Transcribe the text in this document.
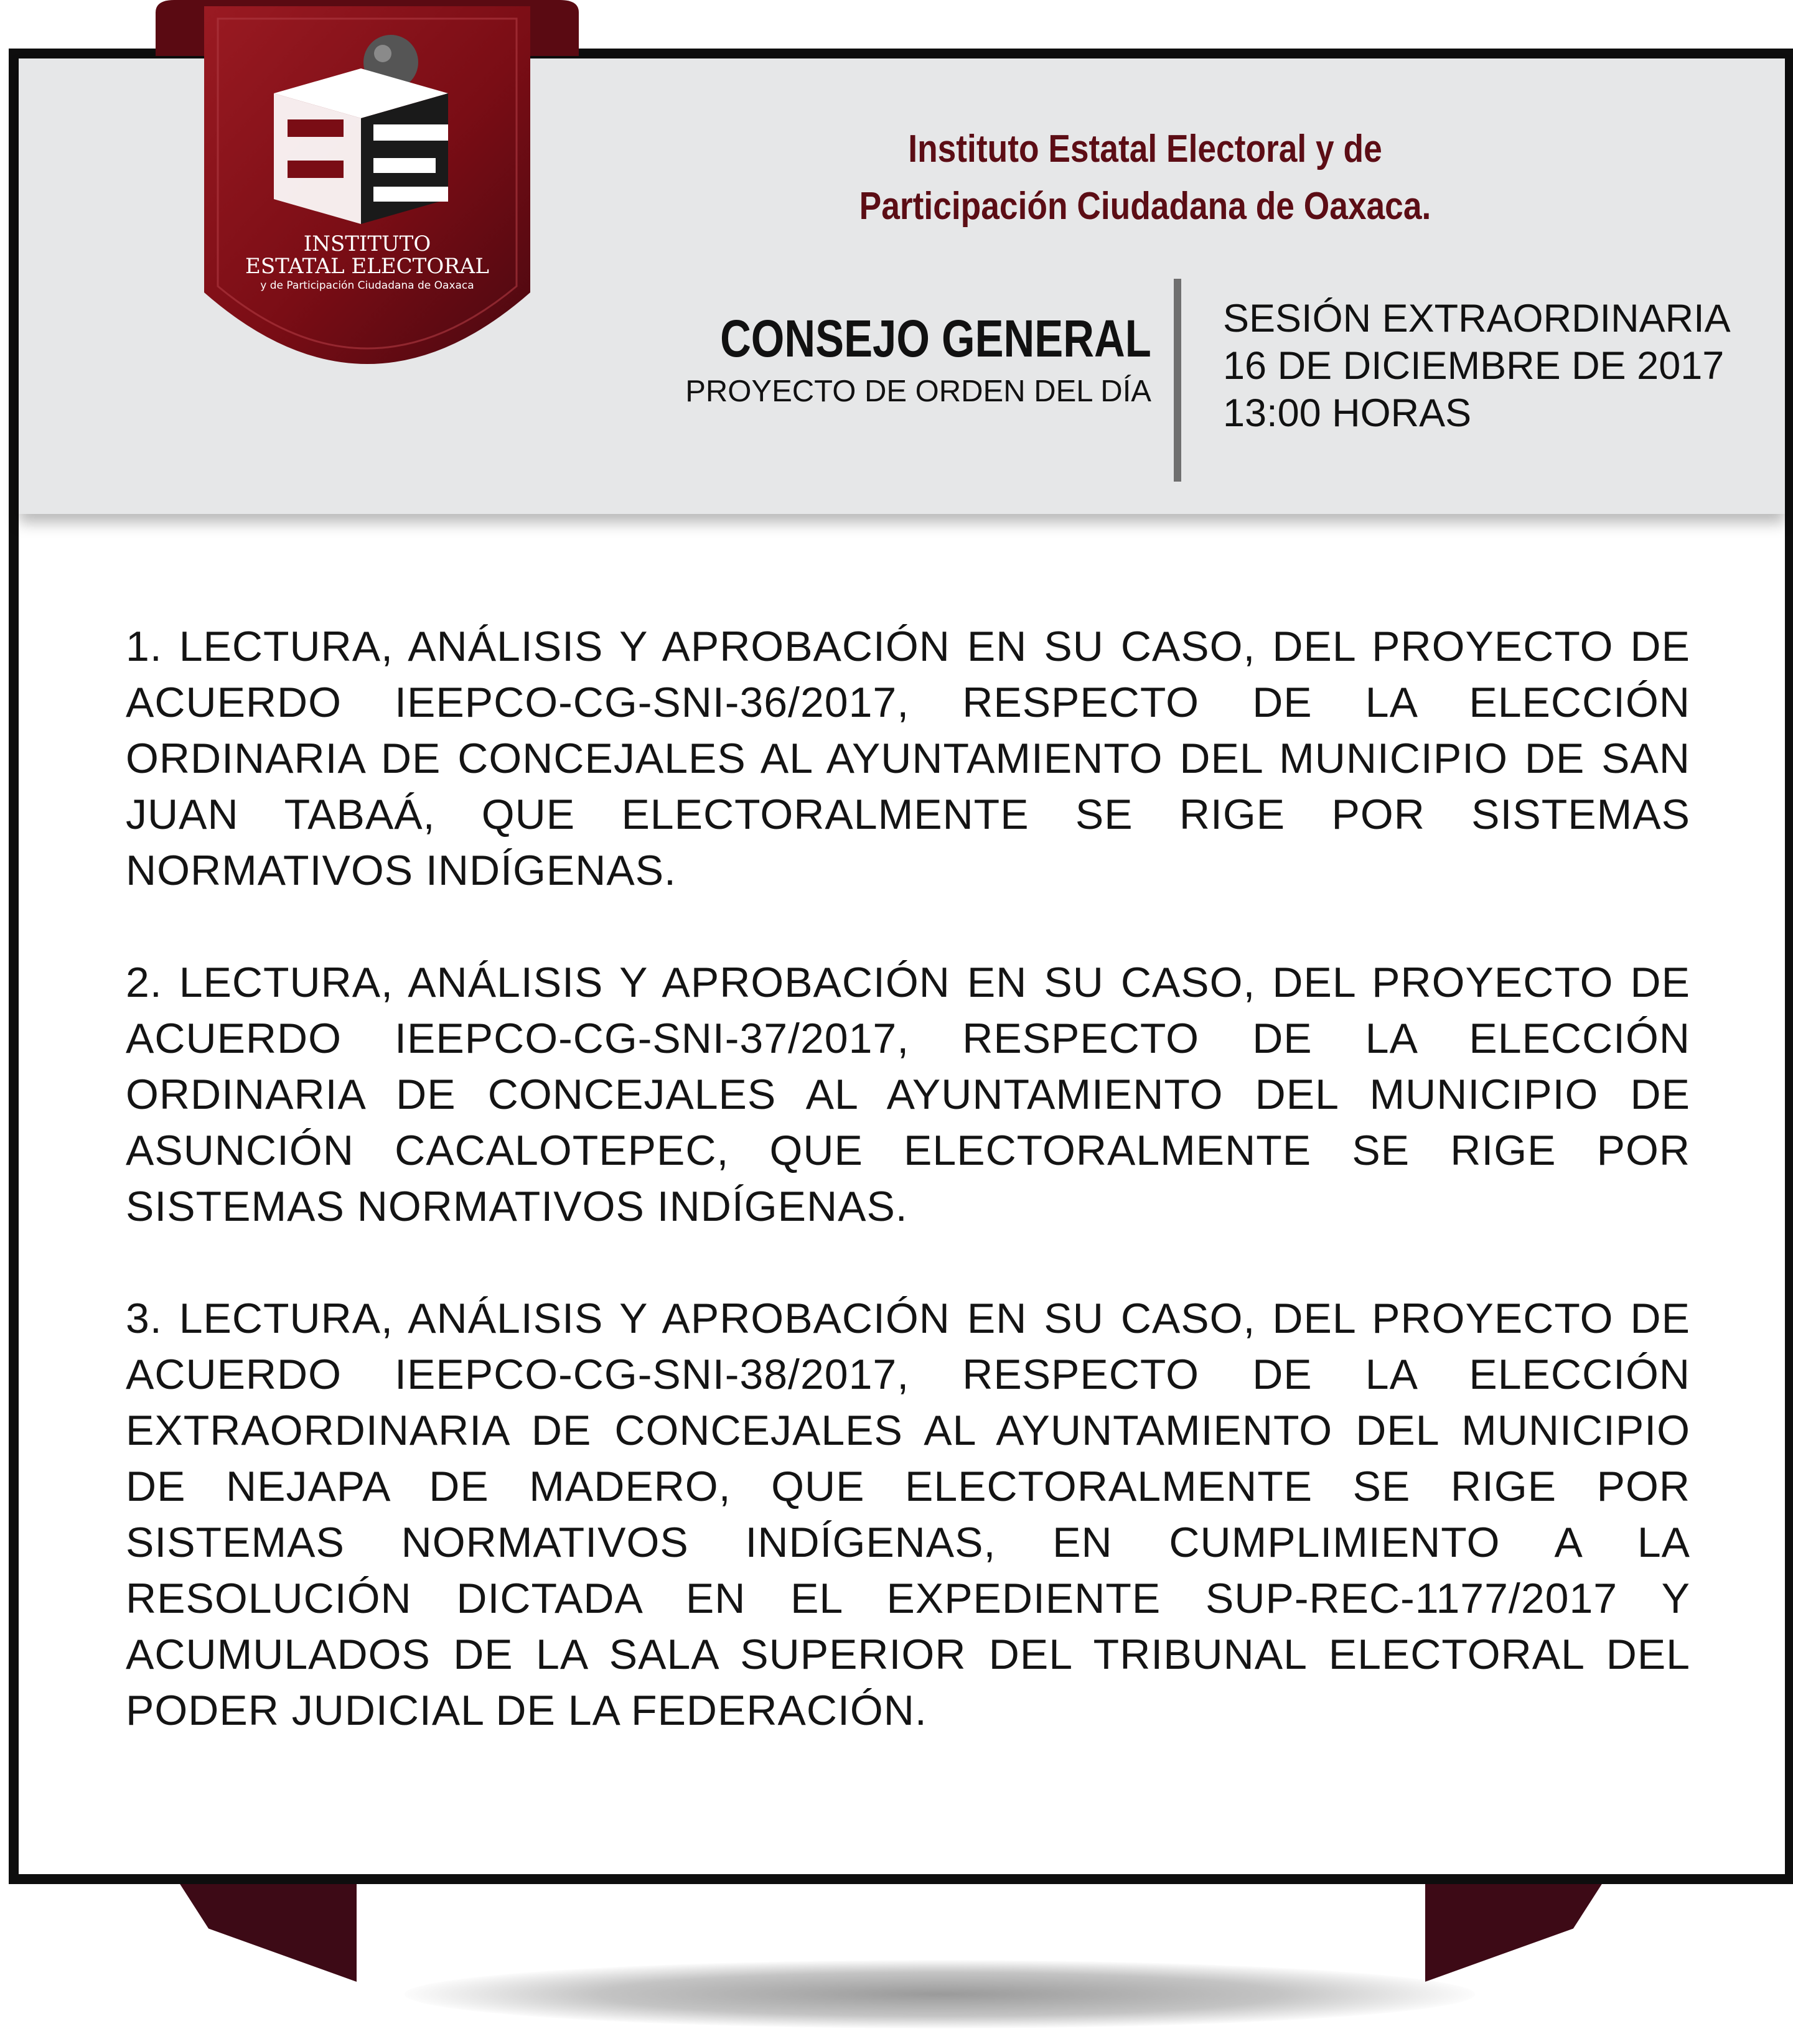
Instituto Estatal Electoral y de
Participación Ciudadana de Oaxaca.
CONSEJO GENERAL
PROYECTO DE ORDEN DEL DÍA
SESIÓN EXTRAORDINARIA
16 DE DICIEMBRE DE 2017
13:00 HORAS

1. LECTURA, ANÁLISIS Y APROBACIÓN EN SU CASO, DEL PROYECTO DE ACUERDO IEEPCO-CG-SNI-36/2017, RESPECTO DE LA ELECCIÓN ORDINARIA DE CONCEJALES AL AYUNTAMIENTO DEL MUNICIPIO DE SAN JUAN TABAÁ, QUE ELECTORALMENTE SE RIGE POR SISTEMAS NORMATIVOS INDÍGENAS.

2. LECTURA, ANÁLISIS Y APROBACIÓN EN SU CASO, DEL PROYECTO DE ACUERDO IEEPCO-CG-SNI-37/2017, RESPECTO DE LA ELECCIÓN ORDINARIA DE CONCEJALES AL AYUNTAMIENTO DEL MUNICIPIO DE ASUNCIÓN CACALOTEPEC, QUE ELECTORALMENTE SE RIGE POR SISTEMAS NORMATIVOS INDÍGENAS.

3. LECTURA, ANÁLISIS Y APROBACIÓN EN SU CASO, DEL PROYECTO DE ACUERDO IEEPCO-CG-SNI-38/2017, RESPECTO DE LA ELECCIÓN EXTRAORDINARIA DE CONCEJALES AL AYUNTAMIENTO DEL MUNICIPIO DE NEJAPA DE MADERO, QUE ELECTORALMENTE SE RIGE POR SISTEMAS NORMATIVOS INDÍGENAS, EN CUMPLIMIENTO A LA RESOLUCIÓN DICTADA EN EL EXPEDIENTE SUP-REC-1177/2017 Y ACUMULADOS DE LA SALA SUPERIOR DEL TRIBUNAL ELECTORAL DEL PODER JUDICIAL DE LA FEDERACIÓN.

INSTITUTO
ESTATAL ELECTORAL
y de Participación Ciudadana de Oaxaca
